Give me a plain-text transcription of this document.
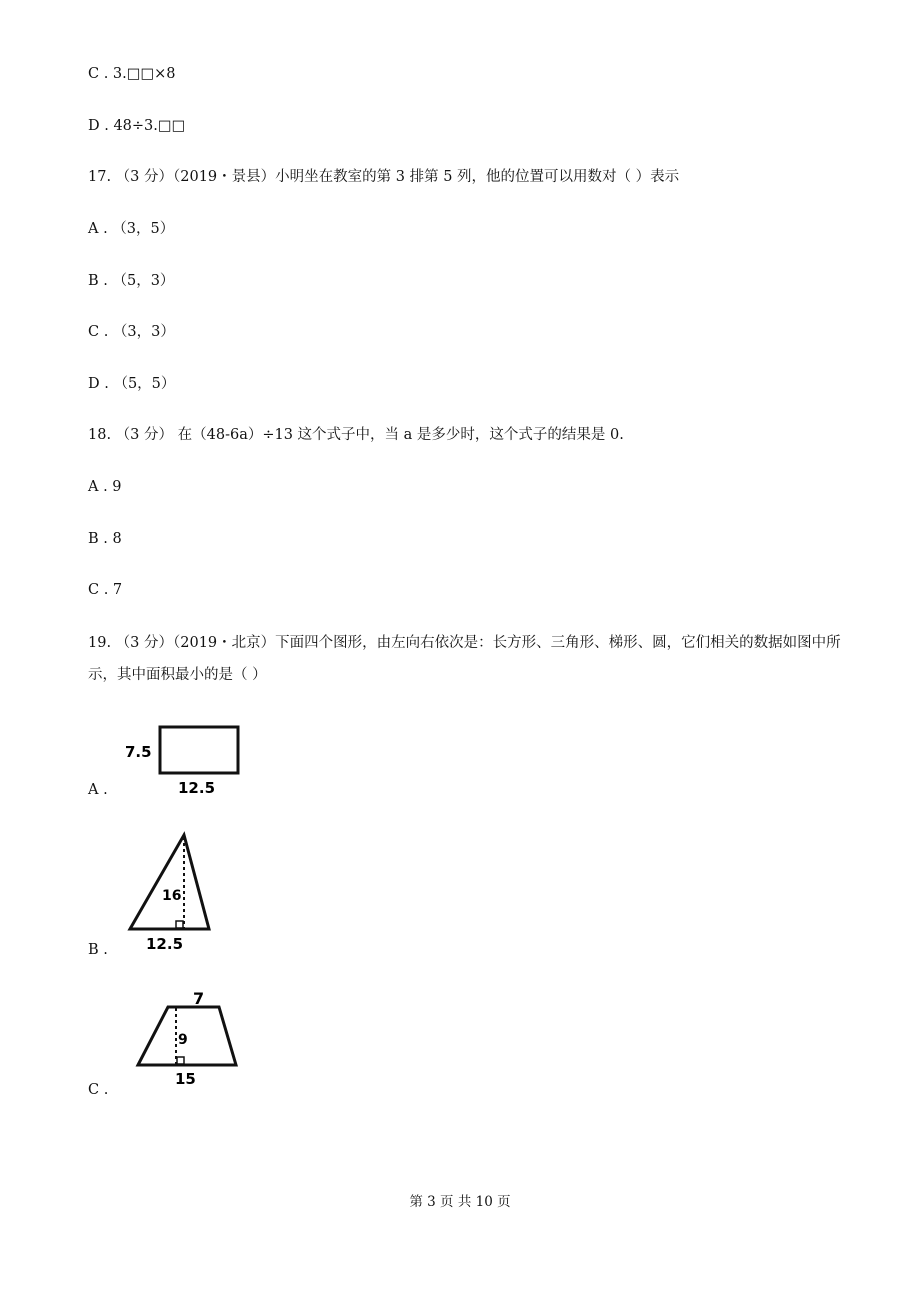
C . 3.□□×8
D . 48÷3.□□
17. （3 分）（2019・景县）小明坐在教室的第 3 排第 5 列，他的位置可以用数对（ ）表示
A . （3，5）
B . （5，3）
C . （3，3）
D . （5，5）
18. （3 分） 在（48-6a）÷13 这个式子中，当 a 是多少时，这个式子的结果是 0.
A . 9
B . 8
C . 7
19. （3 分）（2019・北京）下面四个图形，由左向右依次是：长方形、三角形、梯形、圆，它们相关的数据如图中所示，其中面积最小的是（ ）
A .
7.5
12.5
B .
16
12.5
C .
7
9
15
第 3 页 共 10 页
